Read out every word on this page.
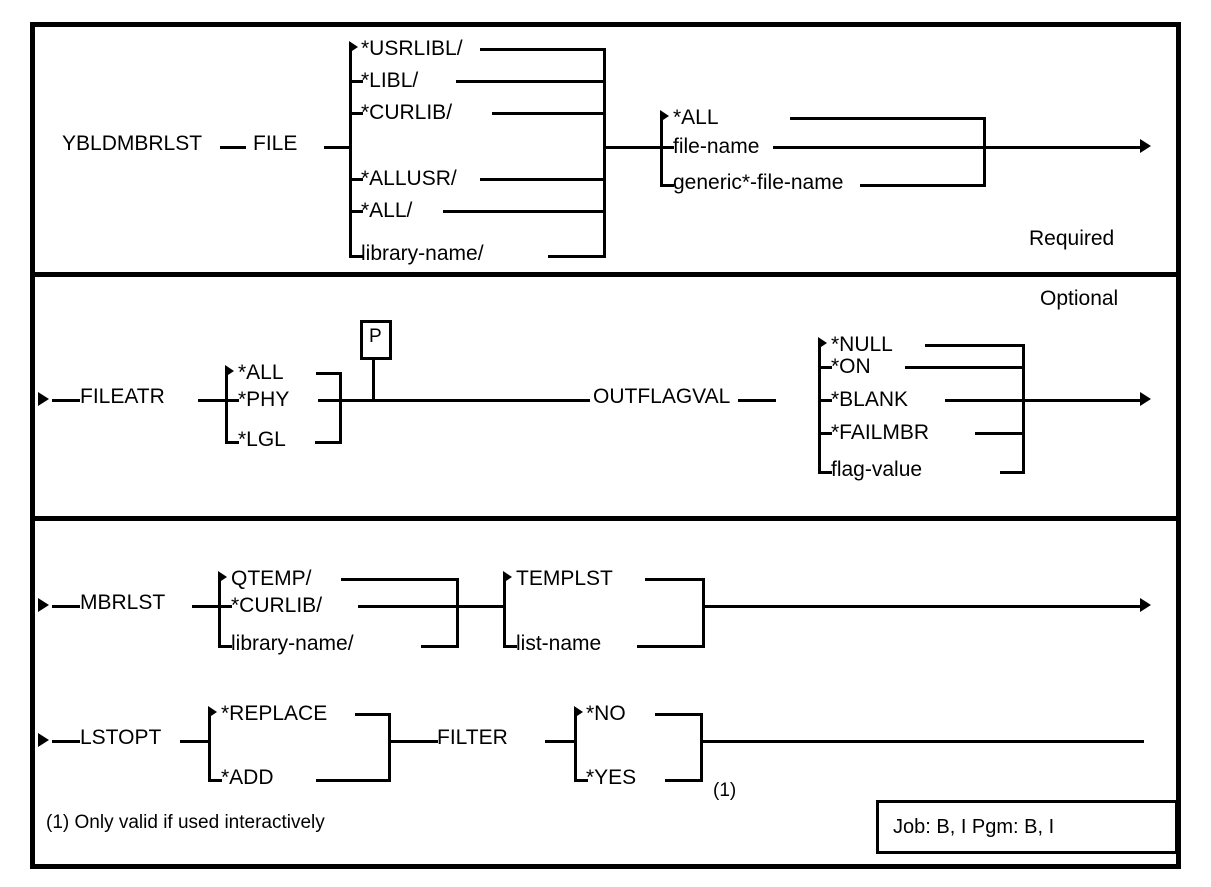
YBLDMBRLST FILE
*USRLIBL/
*LIBL/
*CURLIB/
*ALLUSR/
*ALL/
library-name/
*ALL
file-name
generic*-file-name
Required
Optional
FILEATR
*ALL
*PHY
*LGL
P
OUTFLAGVAL
*NULL
*ON
*BLANK
*FAILMBR
flag-value
MBRLST
QTEMP/
*CURLIB/
library-name/
TEMPLST
list-name
LSTOPT
*REPLACE
*ADD
FILTER
*NO
*YES
(1)
(1) Only valid if used interactively	Job: B, I Pgm: B, I
